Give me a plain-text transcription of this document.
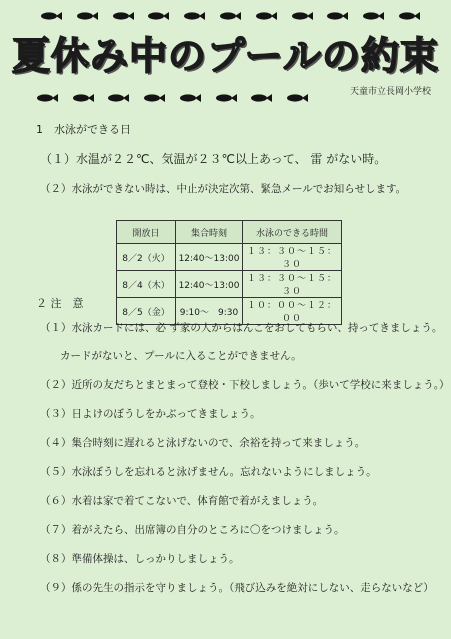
夏休み中のプールの約束
天童市立長岡小学校
1　水泳ができる日
（１）水温が２２℃、気温が２３℃以上あって、 雷 がない時。
（２）水泳ができない時は、中止が決定次第、緊急メールでお知らせします。
開放日	集合時刻	水泳のできる時間
8／2（火）	12:40〜13:00	１３：３０〜１５：３０
8／4（木）	12:40〜13:00	１３：３０〜１５：３０
8／5（金）	9:10〜　9:30	１０：００〜１２：００
２ 注　意
（１）水泳カードには、必 ず家の人からはんこをおしてもらい、持ってきましょう。
カードがないと、プールに入ることができません。
（２）近所の友だちとまとまって登校・下校しましょう。（歩いて学校に来ましょう。）
（３）日よけのぼうしをかぶってきましょう。
（４）集合時刻に遅れると泳げないので、余裕を持って来ましょう。
（５）水泳ぼうしを忘れると泳げません。忘れないようにしましょう。
（６）水着は家で着てこないで、体育館で着がえましょう。
（７）着がえたら、出席簿の自分のところに〇をつけましょう。
（８）準備体操は、しっかりしましょう。
（９）係の先生の指示を守りましょう。（飛び込みを絶対にしない、走らないなど）
